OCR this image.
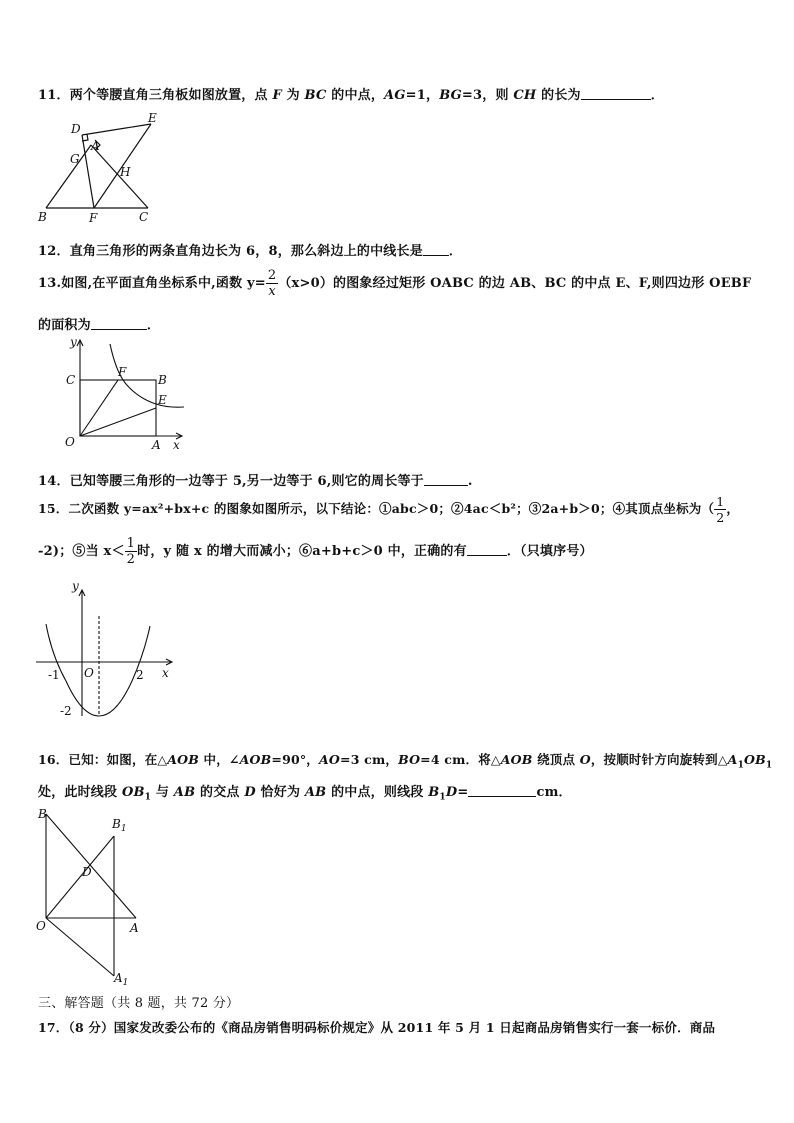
11．两个等腰直角三角板如图放置，点 F 为 BC 的中点，AG=1，BG=3，则 CH 的长为	．
D
E
G
A
H
B	F	C
12．直角三角形的两条直角边长为 6，8，那么斜边上的中线长是 ．
13.如图,在平面直角坐标系中,函数 $y= \frac{2}{x} (x>0)$的图象经过矩形 OABC 的边 AB、BC 的中点 E、F,则四边形 OEBF
的面积为	．
y
x
C
F
B
E
O	A
14．已知等腰三角形的一边等于 5,另一边等于 6,则它的周长等于	.
15．二次函数 y=ax²+bx+c 的图象如图所示，以下结论：①abc＞0；②4ac＜b²；③2a+b＞0；④其顶点坐标为（ $\frac{1}{2}$ ，
-2)；⑤当 $x< \frac{1}{2}$ 时，y 随 x 的增大而减小；⑥a+b+c＞0 中，正确的有	．（只填序号）
y
x
-1 O	2
-2
16．已知：如图，在△AOB 中，∠AOB=90°，AO=3 cm，BO=4 cm．将△AOB 绕顶点 O，按顺时针方向旋转到$\triangle A_1OB_1$
处，此时线段 $OB_1$ 与 AB 的交点 D 恰好为 AB 的中点，则线段 $B_1D=$	cm．
B
$B_1$
D
O	A
$A_1$
三、解答题（共 8 题，共 72 分）
17．（8 分）国家发改委公布的《商品房销售明码标价规定》从 2011 年 5 月 1 日起商品房销售实行一套一标价．商品
